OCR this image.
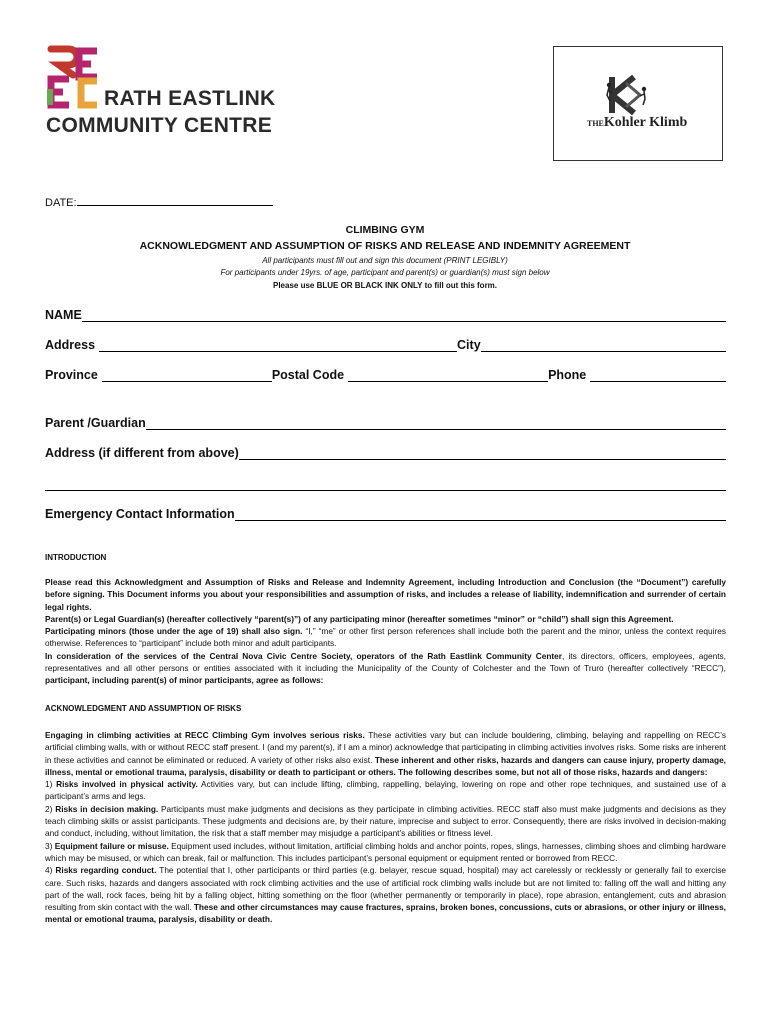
RATH EASTLINK
COMMUNITY CENTRE	THEKohler Klimb
DATE:
CLIMBING GYM
ACKNOWLEDGMENT AND ASSUMPTION OF RISKS AND RELEASE AND INDEMNITY AGREEMENT
All participants must fill out and sign this document (PRINT LEGIBLY)
For participants under 19yrs. of age, participant and parent(s) or guardian(s) must sign below
Please use BLUE OR BLACK INK ONLY to fill out this form.
NAME
Address	City
Province	Postal Code	Phone
Parent /Guardian
Address (if different from above)
Emergency Contact Information
INTRODUCTION

Please read this Acknowledgment and Assumption of Risks and Release and Indemnity Agreement, including Introduction and Conclusion (the “Document”) carefully before signing. This Document informs you about your responsibilities and assumption of risks, and includes a release of liability, indemnification and surrender of certain legal rights.

Parent(s) or Legal Guardian(s) (hereafter collectively “parent(s)”) of any participating minor (hereafter sometimes “minor” or “child”) shall sign this Agreement.

Participating minors (those under the age of 19) shall also sign. “I,” “me” or other first person references shall include both the parent and the minor, unless the context requires otherwise. References to “participant” include both minor and adult participants.

In consideration of the services of the Central Nova Civic Centre Society, operators of the Rath Eastlink Community Center, its directors, officers, employees, agents, representatives and all other persons or entities associated with it including the Municipality of the County of Colchester and the Town of Truro (hereafter collectively “RECC”), participant, including parent(s) of minor participants, agree as follows:

ACKNOWLEDGMENT AND ASSUMPTION OF RISKS

Engaging in climbing activities at RECC Climbing Gym involves serious risks. These activities vary but can include bouldering, climbing, belaying and rappelling on RECC’s artificial climbing walls, with or without RECC staff present. I (and my parent(s), if I am a minor) acknowledge that participating in climbing activities involves risks. Some risks are inherent in these activities and cannot be eliminated or reduced. A variety of other risks also exist. These inherent and other risks, hazards and dangers can cause injury, property damage, illness, mental or emotional trauma, paralysis, disability or death to participant or others. The following describes some, but not all of those risks, hazards and dangers:

1) Risks involved in physical activity. Activities vary, but can include lifting, climbing, rappelling, belaying, lowering on rope and other rope techniques, and sustained use of a participant’s arms and legs.

2) Risks in decision making. Participants must make judgments and decisions as they participate in climbing activities. RECC staff also must make judgments and decisions as they teach climbing skills or assist participants. These judgments and decisions are, by their nature, imprecise and subject to error. Consequently, there are risks involved in decision-making and conduct, including, without limitation, the risk that a staff member may misjudge a participant’s abilities or fitness level.

3) Equipment failure or misuse. Equipment used includes, without limitation, artificial climbing holds and anchor points, ropes, slings, harnesses, climbing shoes and climbing hardware which may be misused, or which can break, fail or malfunction. This includes participant’s personal equipment or equipment rented or borrowed from RECC.

4) Risks regarding conduct. The potential that I, other participants or third parties (e.g. belayer, rescue squad, hospital) may act carelessly or recklessly or generally fail to exercise care. Such risks, hazards and dangers associated with rock climbing activities and the use of artificial rock climbing walls include but are not limited to: falling off the wall and hitting any part of the wall, rock faces, being hit by a falling object, hitting something on the floor (whether permanently or temporarily in place), rope abrasion, entanglement, cuts and abrasion resulting from skin contact with the wall. These and other circumstances may cause fractures, sprains, broken bones, concussions, cuts or abrasions, or other injury or illness, mental or emotional trauma, paralysis, disability or death.
